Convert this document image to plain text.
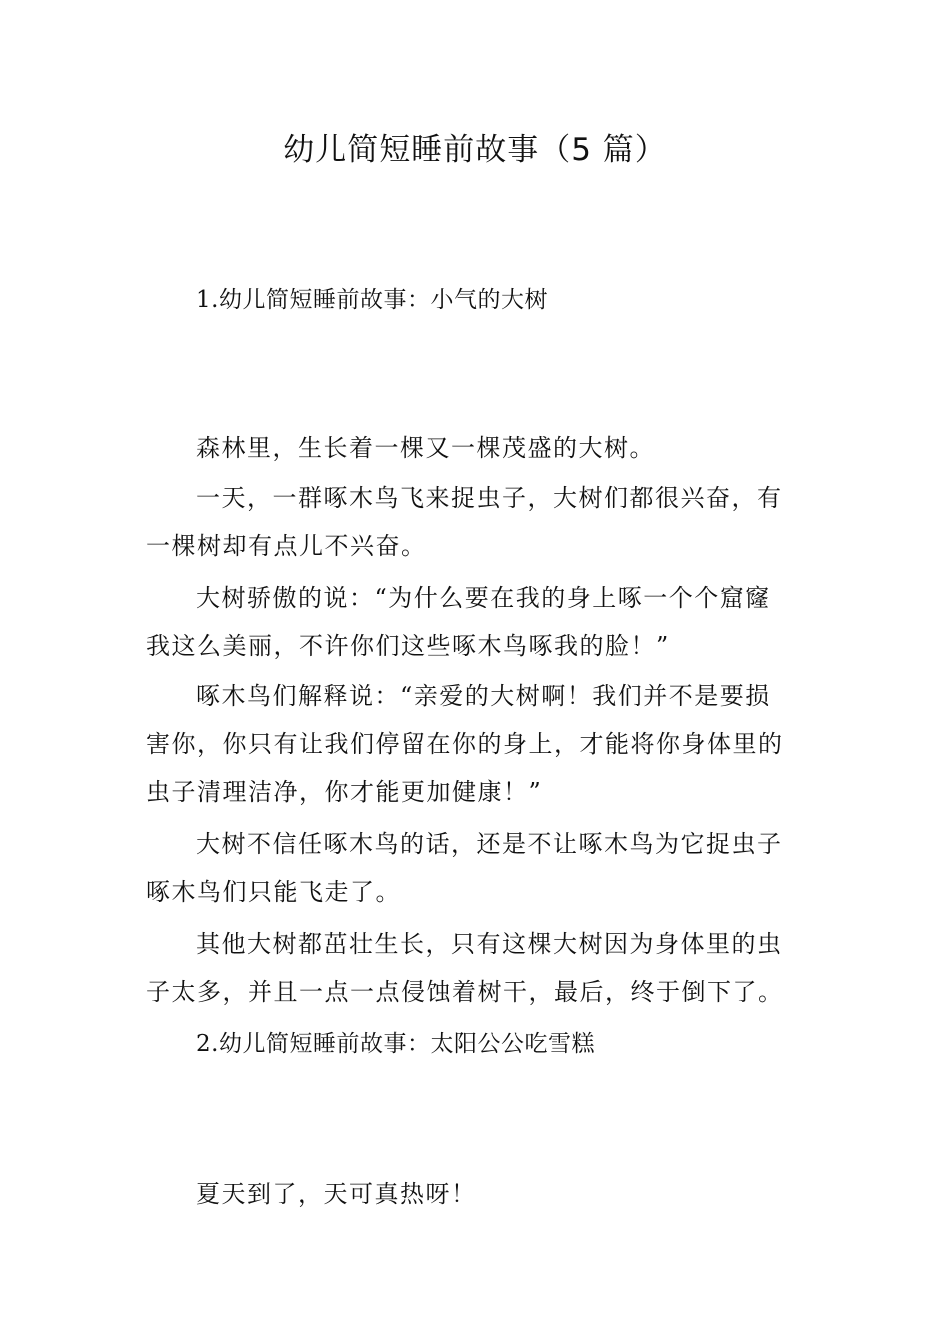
幼儿简短睡前故事（5 篇）
1.幼儿简短睡前故事：小气的大树
森林里，生长着一棵又一棵茂盛的大树。
一天，一群啄木鸟飞来捉虫子，大树们都很兴奋，有
一棵树却有点儿不兴奋。
大树骄傲的说：“为什么要在我的身上啄一个个窟窿
我这么美丽，不许你们这些啄木鸟啄我的脸！”
啄木鸟们解释说：“亲爱的大树啊！我们并不是要损
害你，你只有让我们停留在你的身上，才能将你身体里的
虫子清理洁净，你才能更加健康！”
大树不信任啄木鸟的话，还是不让啄木鸟为它捉虫子
啄木鸟们只能飞走了。
其他大树都茁壮生长，只有这棵大树因为身体里的虫
子太多，并且一点一点侵蚀着树干，最后，终于倒下了。
2.幼儿简短睡前故事：太阳公公吃雪糕
夏天到了，天可真热呀！
